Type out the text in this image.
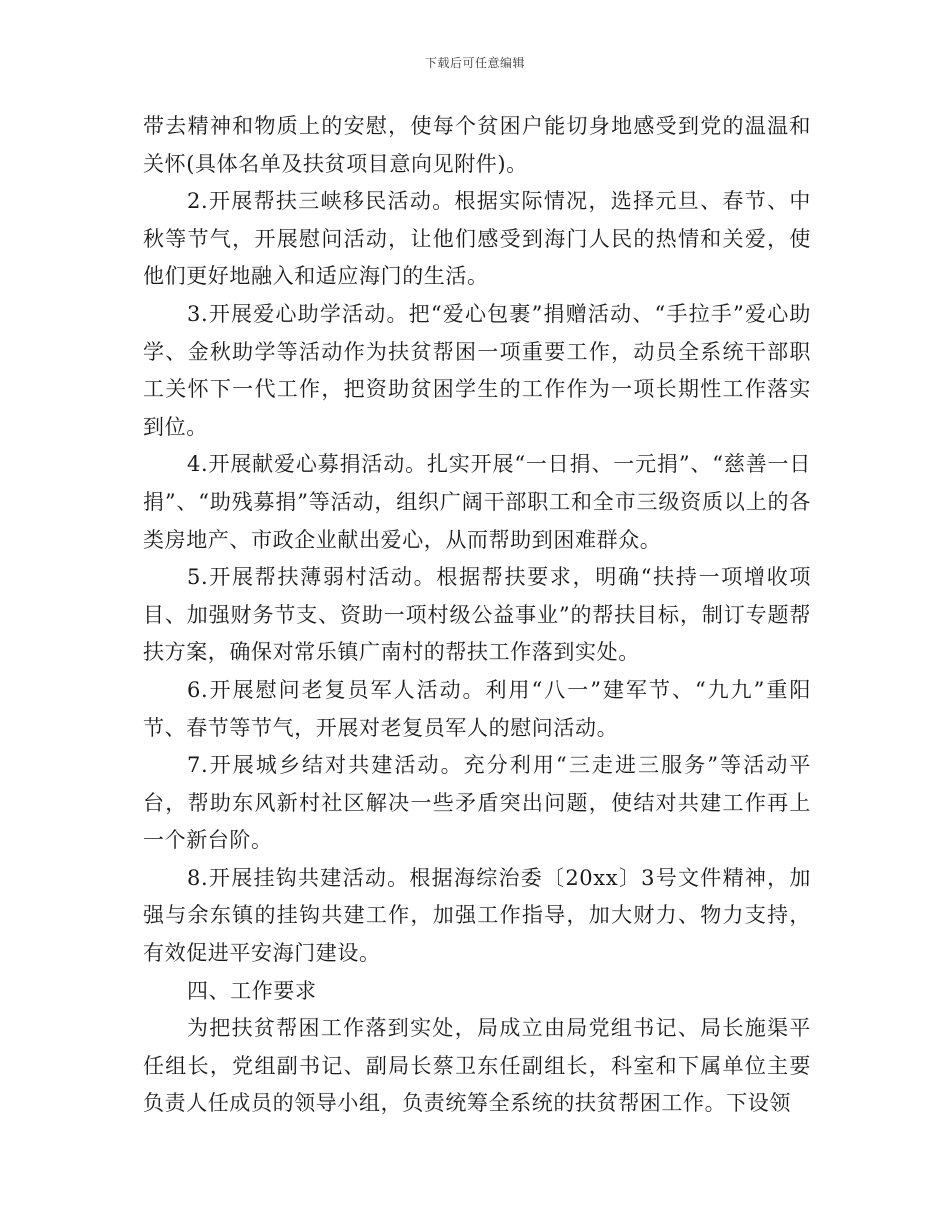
下载后可任意编辑

带去精神和物质上的安慰，使每个贫困户能切身地感受到党的温温和关怀(具体名单及扶贫项目意向见附件)。

2.开展帮扶三峡移民活动。根据实际情况，选择元旦、春节、中秋等节气，开展慰问活动，让他们感受到海门人民的热情和关爱，使他们更好地融入和适应海门的生活。

3.开展爱心助学活动。把“爱心包裹”捐赠活动、“手拉手”爱心助学、金秋助学等活动作为扶贫帮困一项重要工作，动员全系统干部职工关怀下一代工作，把资助贫困学生的工作作为一项长期性工作落实到位。

4.开展献爱心募捐活动。扎实开展“一日捐、一元捐”、“慈善一日捐”、“助残募捐”等活动，组织广阔干部职工和全市三级资质以上的各类房地产、市政企业献出爱心，从而帮助到困难群众。

5.开展帮扶薄弱村活动。根据帮扶要求，明确“扶持一项增收项目、加强财务节支、资助一项村级公益事业”的帮扶目标，制订专题帮扶方案，确保对常乐镇广南村的帮扶工作落到实处。

6.开展慰问老复员军人活动。利用“八一”建军节、“九九”重阳节、春节等节气，开展对老复员军人的慰问活动。

7.开展城乡结对共建活动。充分利用“三走进三服务”等活动平台，帮助东风新村社区解决一些矛盾突出问题，使结对共建工作再上一个新台阶。

8.开展挂钩共建活动。根据海综治委〔20xx〕3号文件精神，加强与余东镇的挂钩共建工作，加强工作指导，加大财力、物力支持，有效促进平安海门建设。

四、工作要求

为把扶贫帮困工作落到实处，局成立由局党组书记、局长施渠平任组长，党组副书记、副局长蔡卫东任副组长，科室和下属单位主要负责人任成员的领导小组，负责统筹全系统的扶贫帮困工作。下设领
